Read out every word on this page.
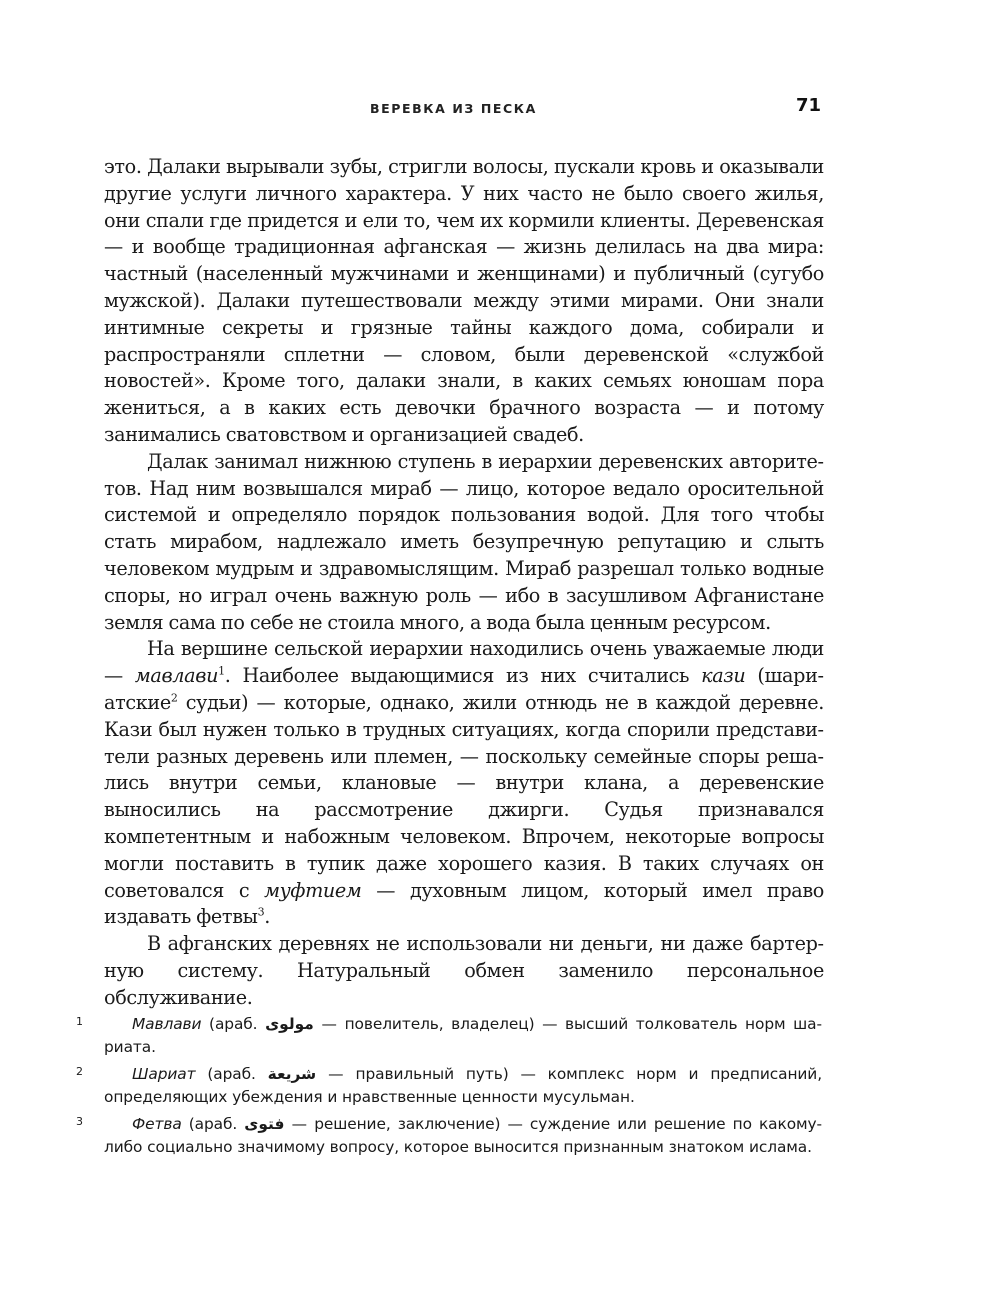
ВЕРЕВКА ИЗ ПЕСКА	71

это. Далаки вырывали зубы, стригли волосы, пускали кровь и оказывали другие услуги личного характера. У них часто не было своего жилья, они спали где придется и ели то, чем их кормили клиенты. Деревенская — и вообще традиционная афганская — жизнь делилась на два мира: частный (населенный мужчинами и женщинами) и публичный (сугубо мужской). Далаки путешествовали между этими мирами. Они знали интимные секреты и грязные тайны каждого дома, собирали и распространяли сплетни — словом, были деревенской «службой новостей». Кроме того, далаки знали, в каких семьях юношам пора жениться, а в каких есть девочки брачного возраста — и потому занимались сватовством и организацией свадеб.

Далак занимал нижнюю ступень в иерархии деревенских авторитетов. Над ним возвышался мираб — лицо, которое ведало оросительной системой и определяло порядок пользования водой. Для того чтобы стать мирабом, надлежало иметь безупречную репутацию и слыть человеком мудрым и здравомыслящим. Мираб разрешал только водные споры, но играл очень важную роль — ибо в засушливом Афганистане земля сама по себе не стоила много, а вода была ценным ресурсом.

На вершине сельской иерархии находились очень уважаемые люди — мавлави$^1$. Наиболее выдающимися из них считались кази (шариатские$^2$ судьи) — которые, однако, жили отнюдь не в каждой деревне. Кази был нужен только в трудных ситуациях, когда спорили представители разных деревень или племен, — поскольку семейные споры решались внутри семьи, клановые — внутри клана, а деревенские выносились на рассмотрение джирги. Судья признавался компетентным и набожным человеком. Впрочем, некоторые вопросы могли поставить в тупик даже хорошего казия. В таких случаях он советовался с муфтием — духовным лицом, который имел право издавать фетвы$^3$.

В афганских деревнях не использовали ни деньги, ни даже бартерную систему. Натуральный обмен заменило персональное обслуживание.

1	Мавлави (араб. مولوى — повелитель, владелец) — высший толкователь норм шариата.
2	Шариат (араб. شريعة — правильный путь) — комплекс норм и предписаний, определяющих убеждения и нравственные ценности мусульман.
3	Фетва (араб. فتوى — решение, заключение) — суждение или решение по какому-либо социально значимому вопросу, которое выносится признанным знатоком ислама.
